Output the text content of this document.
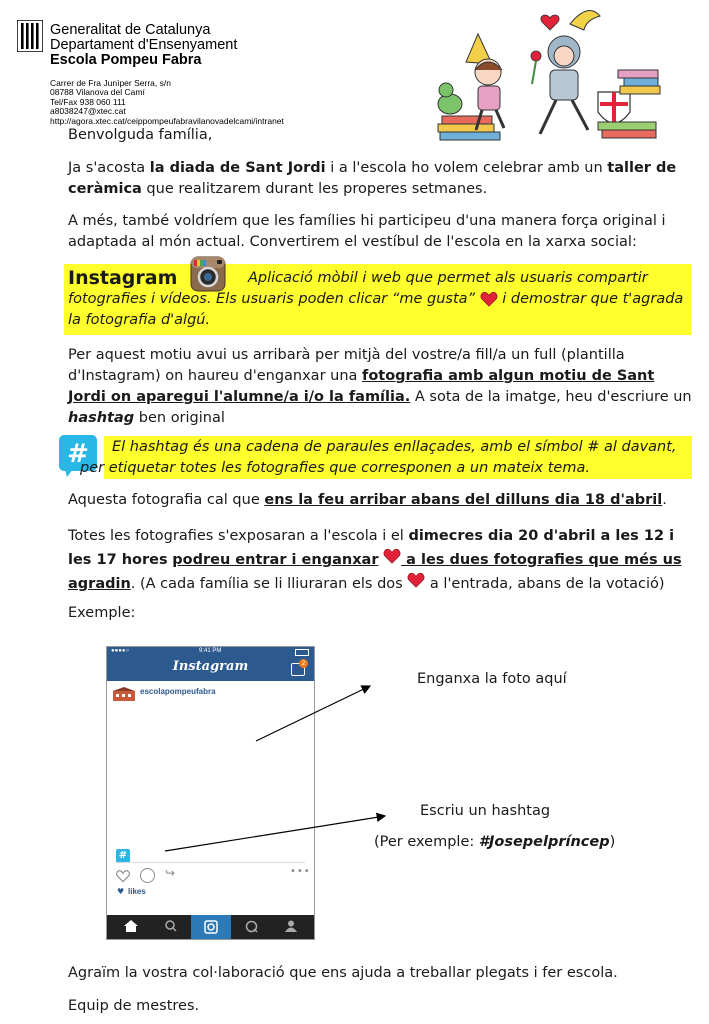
Generalitat de Catalunya
Departament d'Ensenyament
Escola Pompeu Fabra
Carrer de Fra Junìper Serra, s/n
08788 Vilanova del Camí
Tel/Fax 938 060 111
a8038247@xtec.cat
http://agora.xtec.cat/ceippompeufabravilanovadelcami/intranet
Benvolguda família,
Ja s'acosta la diada de Sant Jordi i a l'escola ho volem celebrar amb un taller de ceràmica que realitzarem durant les properes setmanes.
A més, també voldríem que les famílies hi participeu d'una manera força original i adaptada al món actual. Convertirem el vestíbul de l'escola en la xarxa social:
Instagram	Aplicació mòbil i web que permet als usuaris compartir fotografies i vídeos. Els usuaris poden clicar “me gusta”  i demostrar que t'agrada la fotografia d'algú.
Per aquest motiu avui us arribarà per mitjà del vostre/a fill/a un full (plantilla d'Instagram) on haureu d'enganxar una fotografia amb algun motiu de Sant Jordi on aparegui l'alumne/a i/o la família. A sota de la imatge, heu d'escriure un hashtag ben original
#	El hashtag és una cadena de paraules enllaçades, amb el símbol # al davant, per etiquetar totes les fotografies que corresponen a un mateix tema.
Aquesta fotografia cal que ens la feu arribar abans del dilluns dia 18 d'abril.
Totes les fotografies s'exposaran a l'escola i el dimecres dia 20 d'abril a les 12 i les 17 hores podreu entrar i enganxar  a les dues fotografies que més us agradin. (A cada família se li lliuraran els dos  a l'entrada, abans de la votació)
Exemple:
●●●●○	9:41 PM
Instagram	2
escolapompeufabra
#
↪	•••
♥ likes
Enganxa la foto aquí
Escriu un hashtag
(Per exemple: #Josepelpríncep)
Agraïm la vostra col·laboració que ens ajuda a treballar plegats i fer escola.
Equip de mestres.
